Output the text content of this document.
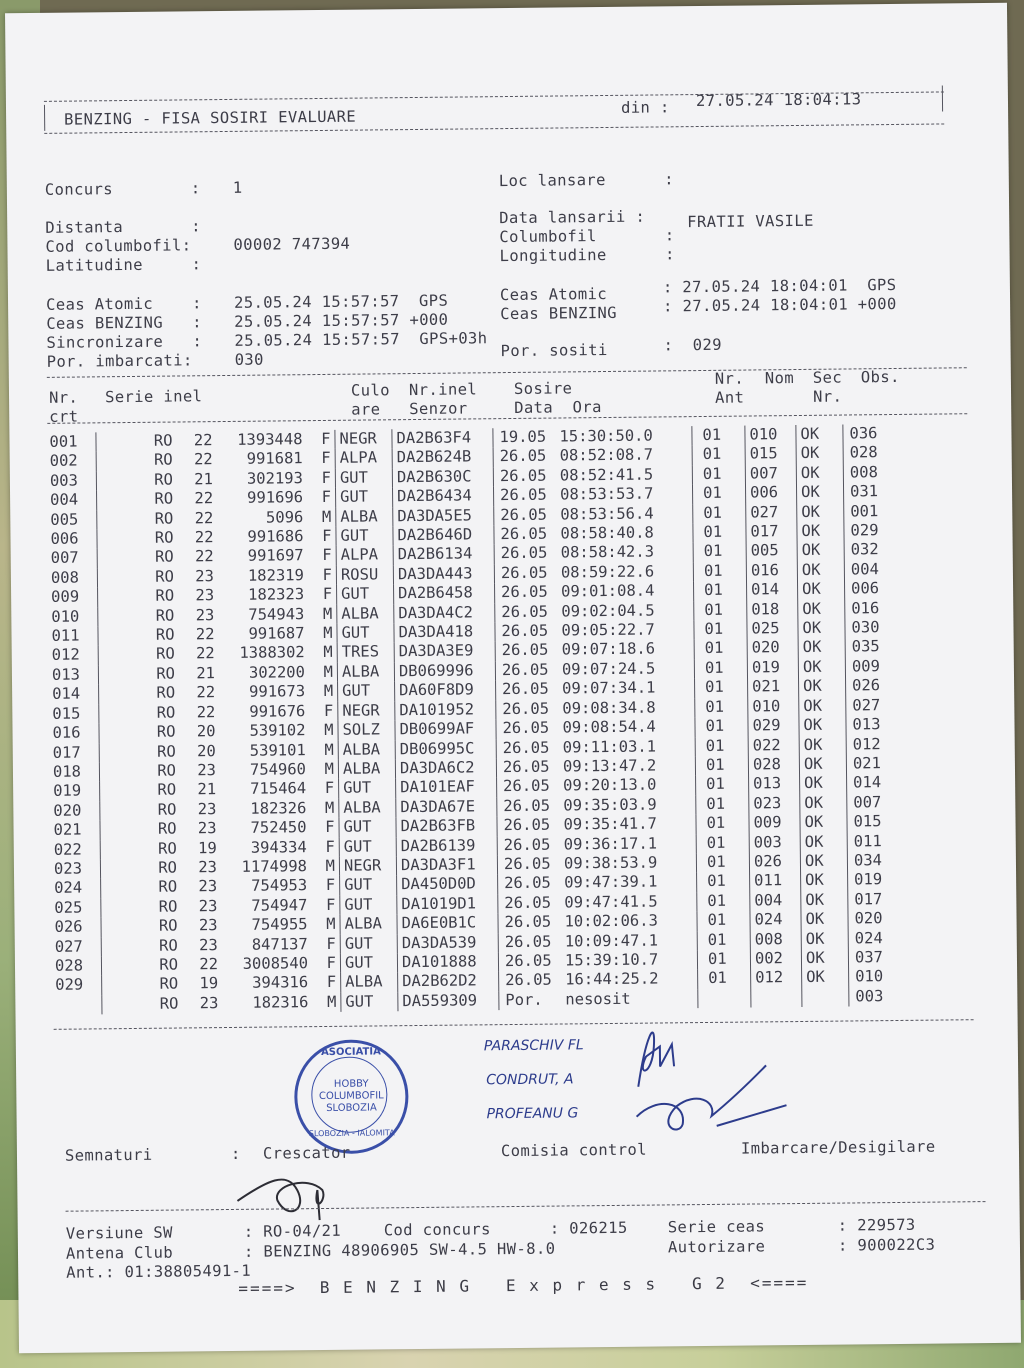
BENZING - FISA SOSIRI EVALUARE
din : 27.05.24 18:04:13
Concurs        : 1
Distanta       :
Cod columbofil:	00002 747394
Latitudine     :
Ceas Atomic    : 25.05.24 15:57:57  GPS
Ceas BENZING   : 25.05.24 15:57:57 +000
Sincronizare   : 25.05.24 15:57:57  GPS+03h
Por. imbarcati:	030
Loc lansare      :
Data lansarii :
Columbofil       :
FRATII VASILE
Longitudine      :
Ceas Atomic	: 27.05.24 18:04:01  GPS
Ceas BENZING	: 27.05.24 18:04:01 +000
Por. sositi	:  029
Nr.
crt
Serie inel	Culo
are
Nr.inel
Senzor
Sosire
Data  Ora
Nr.
Ant
Nom Sec
Nr.
Obs.
001		RO	22	1393448	F	NEGR	DA2B63F4	19.05	15:30:50.0	01	010	OK	036
002		RO	22	991681	F	ALPA	DA2B624B	26.05	08:52:08.7	01	015	OK	028
003		RO	21	302193	F	GUT	DA2B630C	26.05	08:52:41.5	01	007	OK	008
004		RO	22	991696	F	GUT	DA2B6434	26.05	08:53:53.7	01	006	OK	031
005		RO	22	5096	M	ALBA	DA3DA5E5	26.05	08:53:56.4	01	027	OK	001
006		RO	22	991686	F	GUT	DA2B646D	26.05	08:58:40.8	01	017	OK	029
007		RO	22	991697	F	ALPA	DA2B6134	26.05	08:58:42.3	01	005	OK	032
008		RO	23	182319	F	ROSU	DA3DA443	26.05	08:59:22.6	01	016	OK	004
009		RO	23	182323	F	GUT	DA2B6458	26.05	09:01:08.4	01	014	OK	006
010		RO	23	754943	M	ALBA	DA3DA4C2	26.05	09:02:04.5	01	018	OK	016
011		RO	22	991687	M	GUT	DA3DA418	26.05	09:05:22.7	01	025	OK	030
012		RO	22	1388302	M	TRES	DA3DA3E9	26.05	09:07:18.6	01	020	OK	035
013		RO	21	302200	M	ALBA	DB069996	26.05	09:07:24.5	01	019	OK	009
014		RO	22	991673	M	GUT	DA60F8D9	26.05	09:07:34.1	01	021	OK	026
015		RO	22	991676	F	NEGR	DA101952	26.05	09:08:34.8	01	010	OK	027
016		RO	20	539102	M	SOLZ	DB0699AF	26.05	09:08:54.4	01	029	OK	013
017		RO	20	539101	M	ALBA	DB06995C	26.05	09:11:03.1	01	022	OK	012
018		RO	23	754960	M	ALBA	DA3DA6C2	26.05	09:13:47.2	01	028	OK	021
019		RO	21	715464	F	GUT	DA101EAF	26.05	09:20:13.0	01	013	OK	014
020		RO	23	182326	M	ALBA	DA3DA67E	26.05	09:35:03.9	01	023	OK	007
021		RO	23	752450	F	GUT	DA2B63FB	26.05	09:35:41.7	01	009	OK	015
022		RO	19	394334	F	GUT	DA2B6139	26.05	09:36:17.1	01	003	OK	011
023		RO	23	1174998	M	NEGR	DA3DA3F1	26.05	09:38:53.9	01	026	OK	034
024		RO	23	754953	F	GUT	DA450D0D	26.05	09:47:39.1	01	011	OK	019
025		RO	23	754947	F	GUT	DA1019D1	26.05	09:47:41.5	01	004	OK	017
026		RO	23	754955	M	ALBA	DA6E0B1C	26.05	10:02:06.3	01	024	OK	020
027		RO	23	847137	F	GUT	DA3DA539	26.05	10:09:47.1	01	008	OK	024
028		RO	22	3008540	F	GUT	DA101888	26.05	15:39:10.7	01	002	OK	037
029		RO	19	394316	F	ALBA	DA2B62D2	26.05	16:44:25.2	01	012	OK	010
		RO	23	182316	M	GUT	DA559309	Por.	nesosit				003
ASOCIATIA
HOBBY
COLUMBOFIL
SLOBOZIA
SLOBOZIA - IALOMITA
PARASCHIV FL
CONDRUT, A
PROFEANU G
Semnaturi	: Crescator	Comisia control	Imbarcare/Desigilare
Versiune SW	: RO-04/21	Cod concurs	: 026215	Serie ceas	: 229573
Antena Club	: BENZING 48906905 SW-4.5 HW-8.0	Autorizare	: 900022C3
Ant.: 01:38805491-1
====>  B E N Z I N G   E x p r e s s   G 2  <====
